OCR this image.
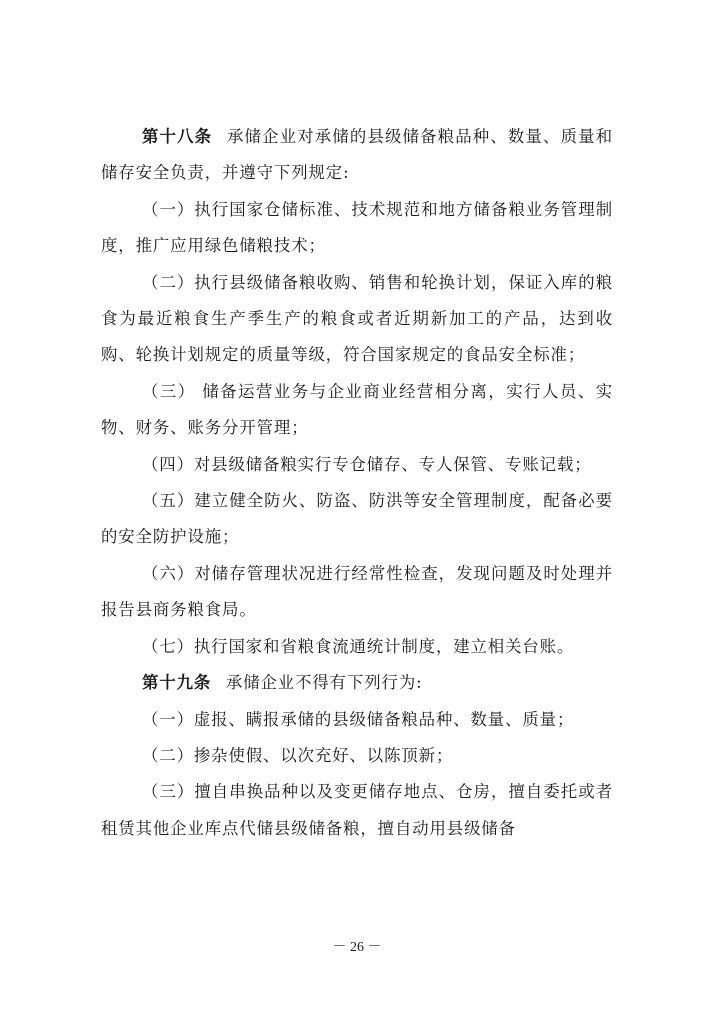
第十八条 承储企业对承储的县级储备粮品种、数量、质量和储存安全负责，并遵守下列规定:

（一）执行国家仓储标准、技术规范和地方储备粮业务管理制度，推广应用绿色储粮技术；

（二）执行县级储备粮收购、销售和轮换计划，保证入库的粮食为最近粮食生产季生产的粮食或者近期新加工的产品，达到收购、轮换计划规定的质量等级，符合国家规定的食品安全标准；

（三） 储备运营业务与企业商业经营相分离，实行人员、实物、财务、账务分开管理；

（四）对县级储备粮实行专仓储存、专人保管、专账记载；

（五）建立健全防火、防盗、防洪等安全管理制度，配备必要的安全防护设施；

（六）对储存管理状况进行经常性检查，发现问题及时处理并报告县商务粮食局。

（七）执行国家和省粮食流通统计制度，建立相关台账。

第十九条 承储企业不得有下列行为:

（一）虚报、瞒报承储的县级储备粮品种、数量、质量；

（二）掺杂使假、以次充好、以陈顶新；

（三）擅自串换品种以及变更储存地点、仓房，擅自委托或者租赁其他企业库点代储县级储备粮，擅自动用县级储备

－ 26 －
